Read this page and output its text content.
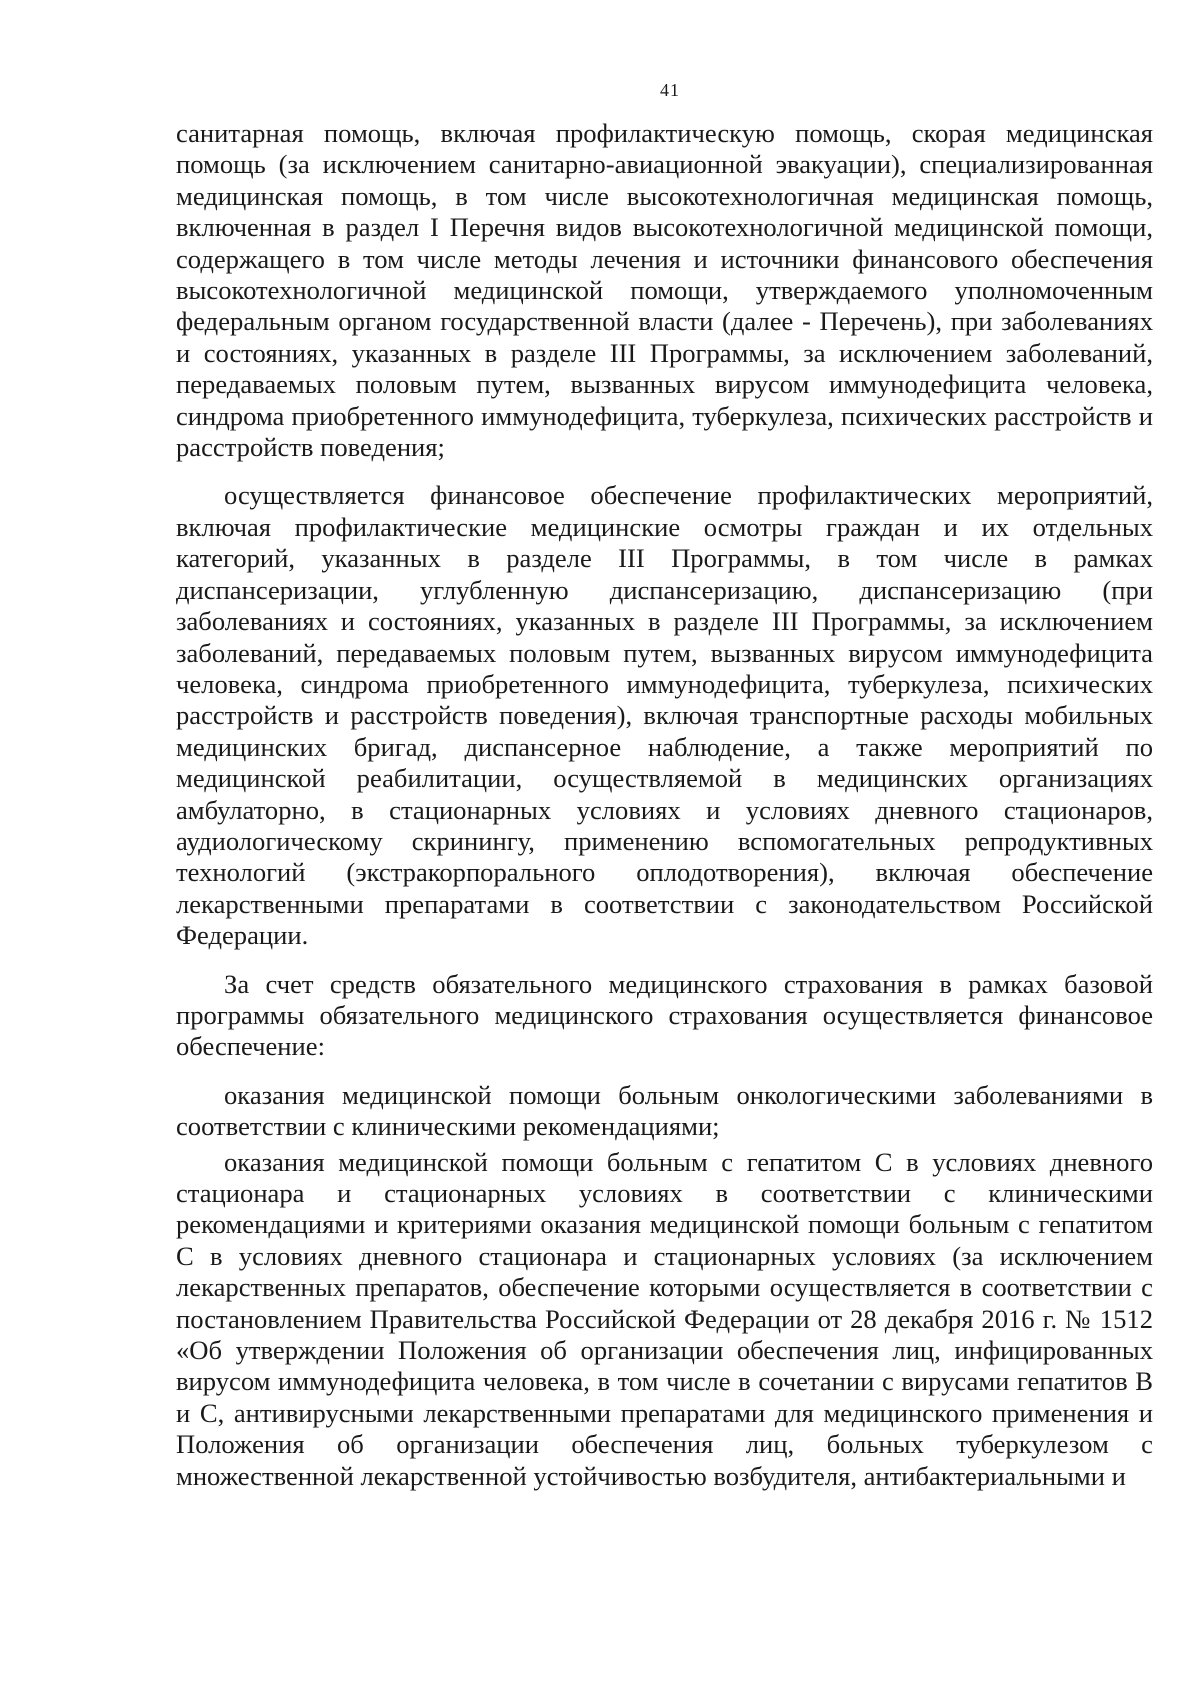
41

санитарная помощь, включая профилактическую помощь, скорая медицинская помощь (за исключением санитарно-авиационной эвакуации), специализированная медицинская помощь, в том числе высокотехнологичная медицинская помощь, включенная в раздел I Перечня видов высокотехнологичной медицинской помощи, содержащего в том числе методы лечения и источники финансового обеспечения высокотехнологичной медицинской помощи, утверждаемого уполномоченным федеральным органом государственной власти (далее - Перечень), при заболеваниях и состояниях, указанных в разделе III Программы, за исключением заболеваний, передаваемых половым путем, вызванных вирусом иммунодефицита человека, синдрома приобретенного иммунодефицита, туберкулеза, психических расстройств и расстройств поведения;

осуществляется финансовое обеспечение профилактических мероприятий, включая профилактические медицинские осмотры граждан и их отдельных категорий, указанных в разделе III Программы, в том числе в рамках диспансеризации, углубленную диспансеризацию, диспансеризацию (при заболеваниях и состояниях, указанных в разделе III Программы, за исключением заболеваний, передаваемых половым путем, вызванных вирусом иммунодефицита человека, синдрома приобретенного иммунодефицита, туберкулеза, психических расстройств и расстройств поведения), включая транспортные расходы мобильных медицинских бригад, диспансерное наблюдение, а также мероприятий по медицинской реабилитации, осуществляемой в медицинских организациях амбулаторно, в стационарных условиях и условиях дневного стационаров, аудиологическому скринингу, применению вспомогательных репродуктивных технологий (экстракорпорального оплодотворения), включая обеспечение лекарственными препаратами в соответствии с законодательством Российской Федерации.

За счет средств обязательного медицинского страхования в рамках базовой программы обязательного медицинского страхования осуществляется финансовое обеспечение:

оказания медицинской помощи больным онкологическими заболеваниями в соответствии с клиническими рекомендациями;

оказания медицинской помощи больным с гепатитом C в условиях дневного стационара и стационарных условиях в соответствии с клиническими рекомендациями и критериями оказания медицинской помощи больным с гепатитом C в условиях дневного стационара и стационарных условиях (за исключением лекарственных препаратов, обеспечение которыми осуществляется в соответствии с постановлением Правительства Российской Федерации от 28 декабря 2016 г. № 1512 «Об утверждении Положения об организации обеспечения лиц, инфицированных вирусом иммунодефицита человека, в том числе в сочетании с вирусами гепатитов B и C, антивирусными лекарственными препаратами для медицинского применения и Положения об организации обеспечения лиц, больных туберкулезом с множественной лекарственной устойчивостью возбудителя, антибактериальными и
